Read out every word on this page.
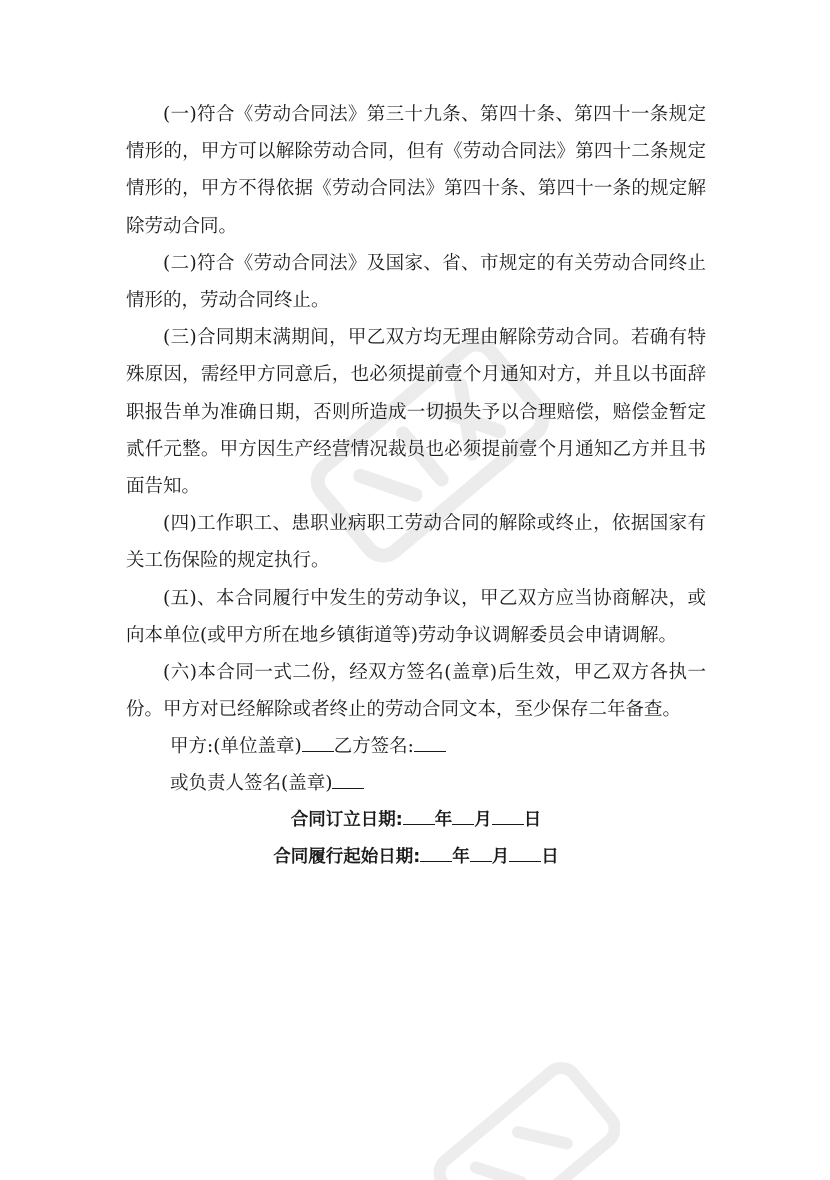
(一)符合《劳动合同法》第三十九条、第四十条、第四十一条规定情形的，甲方可以解除劳动合同，但有《劳动合同法》第四十二条规定情形的，甲方不得依据《劳动合同法》第四十条、第四十一条的规定解除劳动合同。

(二)符合《劳动合同法》及国家、省、市规定的有关劳动合同终止情形的，劳动合同终止。

(三)合同期末满期间，甲乙双方均无理由解除劳动合同。若确有特殊原因，需经甲方同意后，也必须提前壹个月通知对方，并且以书面辞职报告单为准确日期，否则所造成一切损失予以合理赔偿，赔偿金暂定贰仟元整。甲方因生产经营情况裁员也必须提前壹个月通知乙方并且书面告知。

(四)工作职工、患职业病职工劳动合同的解除或终止，依据国家有关工伤保险的规定执行。

(五)、本合同履行中发生的劳动争议，甲乙双方应当协商解决，或向本单位(或甲方所在地乡镇街道等)劳动争议调解委员会申请调解。

(六)本合同一式二份，经双方签名(盖章)后生效，甲乙双方各执一份。甲方对已经解除或者终止的劳动合同文本，至少保存二年备查。

甲方:(单位盖章) 乙方签名:

或负责人签名(盖章)

合同订立日期: 年 月 日

合同履行起始日期: 年 月 日
